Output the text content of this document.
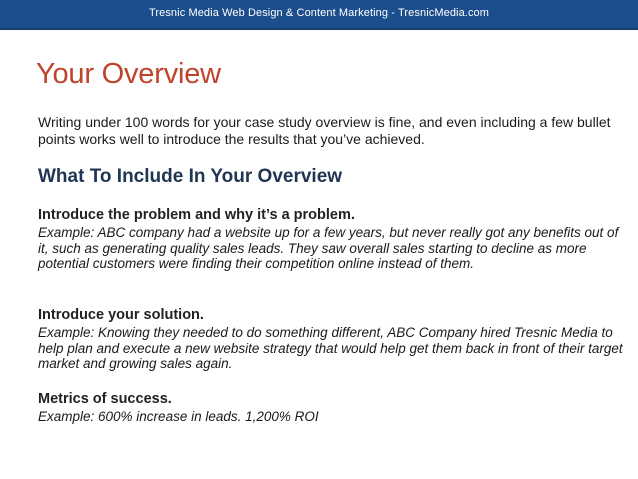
Tresnic Media Web Design & Content Marketing - TresnicMedia.com
Your Overview

Writing under 100 words for your case study overview is fine, and even including a few bullet points works well to introduce the results that you’ve achieved.

What To Include In Your Overview

Introduce the problem and why it’s a problem.

Example: ABC company had a website up for a few years, but never really got any benefits out of it, such as generating quality sales leads. They saw overall sales starting to decline as more potential customers were finding their competition online instead of them.

Introduce your solution.

Example: Knowing they needed to do something different, ABC Company hired Tresnic Media to help plan and execute a new website strategy that would help get them back in front of their target market and growing sales again.

Metrics of success.

Example: 600% increase in leads. 1,200% ROI
